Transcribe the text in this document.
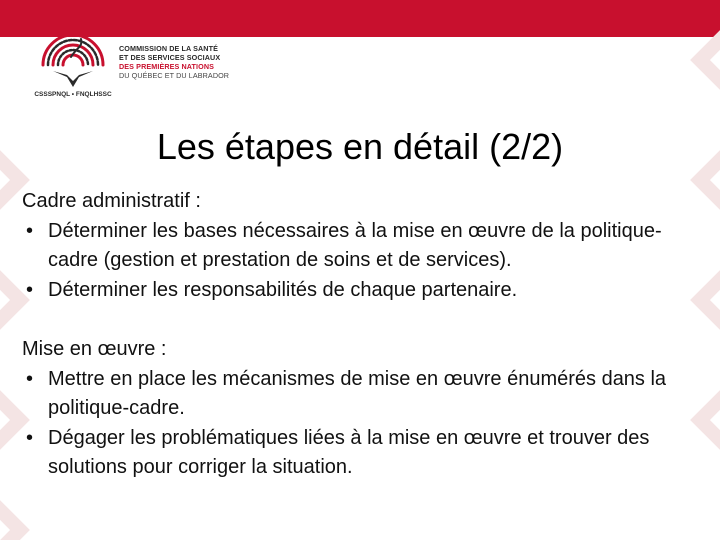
CSSSPNQL • FNQLHSSC
COMMISSION DE LA SANTÉ
ET DES SERVICES SOCIAUX
DES PREMIÈRES NATIONS
DU QUÉBEC ET DU LABRADOR
Les étapes en détail (2/2)

Cadre administratif :

• Déterminer les bases nécessaires à la mise en œuvre de la politique-cadre (gestion et prestation de soins et de services).
• Déterminer les responsabilités de chaque partenaire.

Mise en œuvre :

• Mettre en place les mécanismes de mise en œuvre énumérés dans la politique-cadre.
• Dégager les problématiques liées à la mise en œuvre et trouver des solutions pour corriger la situation.
